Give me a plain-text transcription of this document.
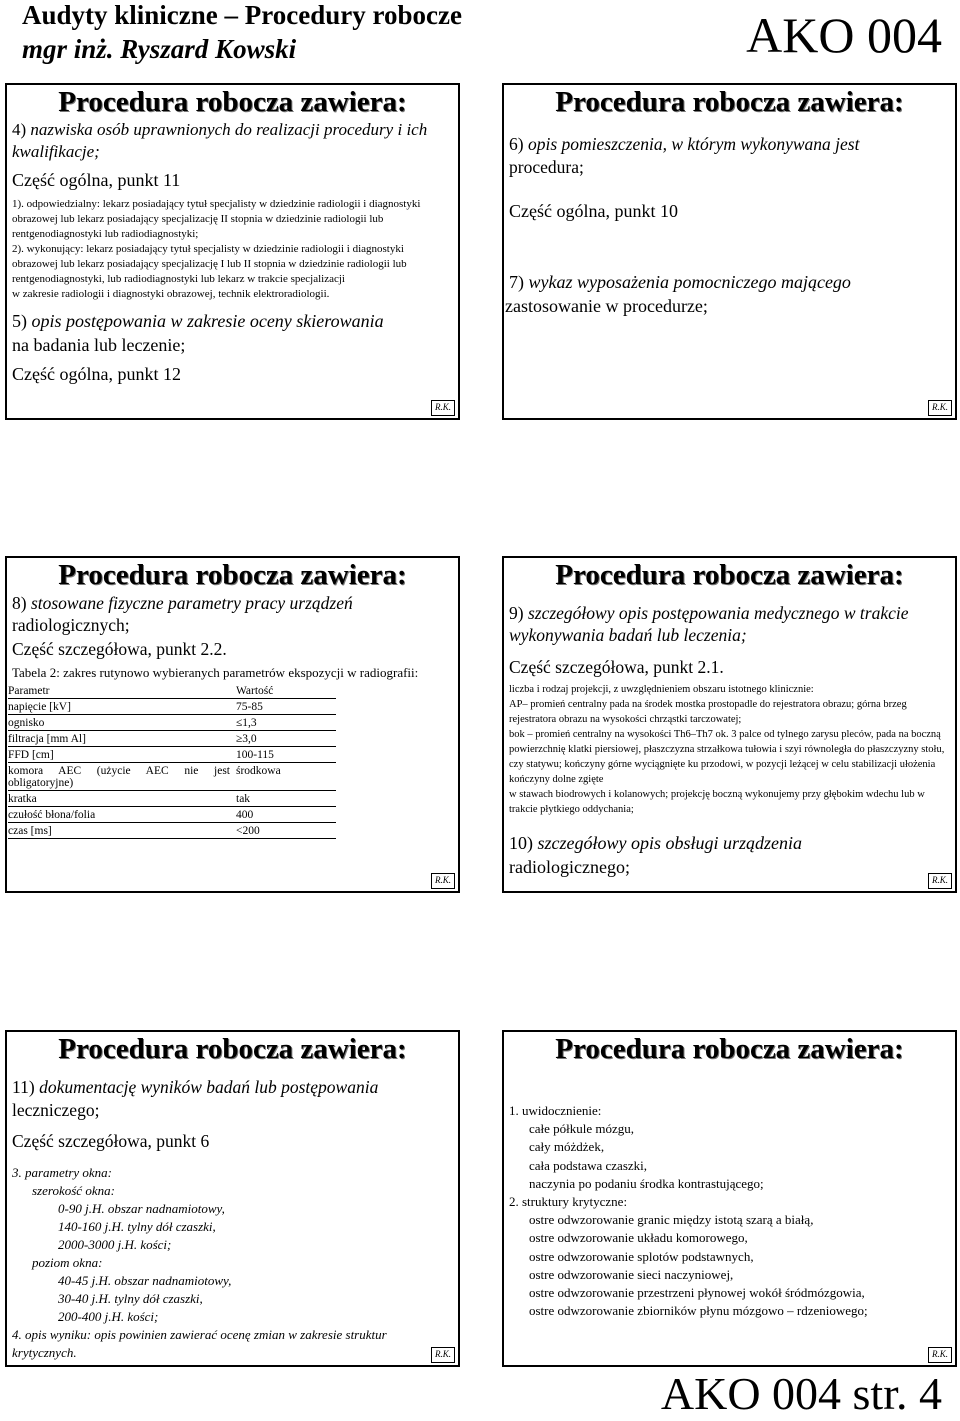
Audyty kliniczne – Procedury robocze
mgr inż. Ryszard Kowski	AKO 004
Procedura robocza zawiera:

4) nazwiska osób uprawnionych do realizacji procedury i ich kwalifikacje;

Część ogólna, punkt 11

1). odpowiedzialny: lekarz posiadający tytuł specjalisty w dziedzinie radiologii i diagnostyki obrazowej lub lekarz posiadający specjalizację II stopnia w dziedzinie radiologii lub rentgenodiagnostyki lub radiodiagnostyki;

2). wykonujący: lekarz posiadający tytuł specjalisty w dziedzinie radiologii i diagnostyki obrazowej lub lekarz posiadający specjalizację I lub II stopnia w dziedzinie radiologii lub rentgenodiagnostyki, lub radiodiagnostyki lub lekarz w trakcie specjalizacji

w zakresie radiologii i diagnostyki obrazowej, technik elektroradiologii.

5) opis postępowania w zakresie oceny skierowania

na badania lub leczenie;

Część ogólna, punkt 12

R.K.
Procedura robocza zawiera:

6) opis pomieszczenia, w którym wykonywana jest

procedura;

Część ogólna, punkt 10

7) wykaz wyposażenia pomocniczego mającego

zastosowanie w procedurze;

R.K.
Procedura robocza zawiera:

8) stosowane fizyczne parametry pracy urządzeń

radiologicznych;

Część szczegółowa, punkt 2.2.

Tabela 2: zakres rutynowo wybieranych parametrów ekspozycji w radiografii:

Parametr	Wartość
napięcie [kV]	75-85
ognisko	≤1,3
filtracja [mm Al]	≥3,0
FFD [cm]	100-115
komora AEC (użycie AEC nie jest obligatoryjne)	środkowa
kratka	tak
czułość błona/folia	400
czas [ms]	<200
R.K.
Procedura robocza zawiera:

9) szczegółowy opis postępowania medycznego w trakcie wykonywania badań lub leczenia;

Część szczegółowa, punkt 2.1.

liczba i rodzaj projekcji, z uwzględnieniem obszaru istotnego klinicznie:

AP– promień centralny pada na środek mostka prostopadle do rejestratora obrazu; górna brzeg rejestratora obrazu na wysokości chrząstki tarczowatej;

bok – promień centralny na wysokości Th6–Th7 ok. 3 palce od tylnego zarysu pleców, pada na boczną powierzchnię klatki piersiowej, płaszczyzna strzałkowa tułowia i szyi równoległa do płaszczyzny stołu, czy statywu; kończyny górne wyciągnięte ku przodowi, w pozycji leżącej w celu stabilizacji ułożenia kończyny dolne zgięte

w stawach biodrowych i kolanowych; projekcję boczną wykonujemy przy głębokim wdechu lub w trakcie płytkiego oddychania;

10) szczegółowy opis obsługi urządzenia

radiologicznego;

R.K.
Procedura robocza zawiera:

11) dokumentację wyników badań lub postępowania

leczniczego;

Część szczegółowa, punkt 6

3. parametry okna:

szerokość okna:

0-90 j.H. obszar nadnamiotowy,

140-160 j.H. tylny dół czaszki,

2000-3000 j.H. kości;

poziom okna:

40-45 j.H. obszar nadnamiotowy,

30-40 j.H. tylny dół czaszki,

200-400 j.H. kości;

4. opis wyniku: opis powinien zawierać ocenę zmian w zakresie struktur krytycznych.	R.K.
Procedura robocza zawiera:

1. uwidocznienie:

całe półkule mózgu,

cały móżdżek,

cała podstawa czaszki,

naczynia po podaniu środka kontrastującego;

2. struktury krytyczne:

ostre odwzorowanie granic między istotą szarą a białą,

ostre odwzorowanie układu komorowego,

ostre odwzorowanie splotów podstawnych,

ostre odwzorowanie sieci naczyniowej,

ostre odwzorowanie przestrzeni płynowej wokół śródmózgowia,

ostre odwzorowanie zbiorników płynu mózgowo – rdzeniowego;

R.K.
AKO 004 str. 4
